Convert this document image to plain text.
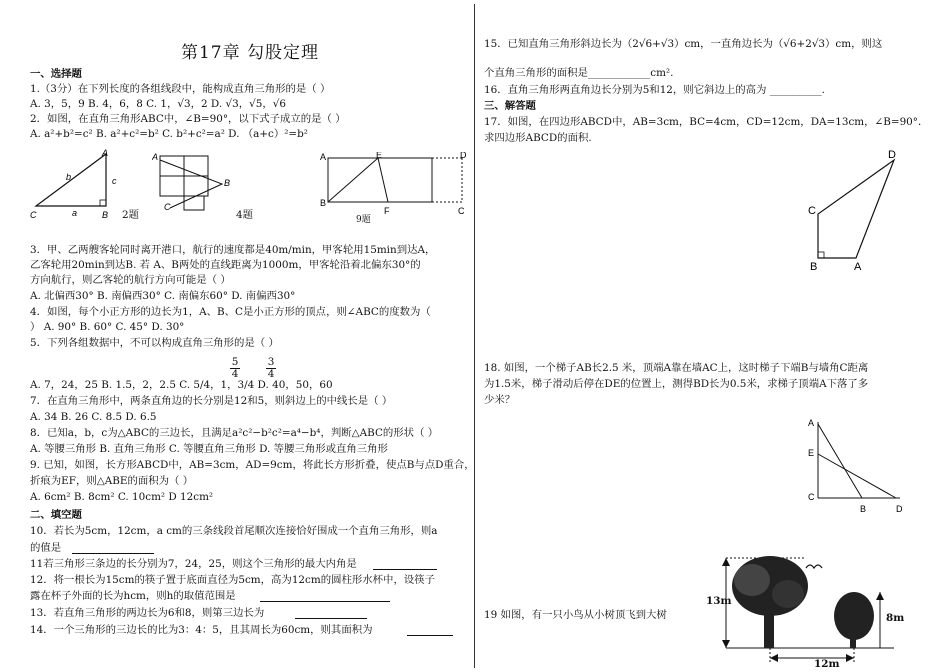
第17章 勾股定理
一、选择题
1.（3分）在下列长度的各组线段中，能构成直角三角形的是（ ）
A. 3，5，9 B. 4，6，8 C. 1，√3，2 D. √3，√5，√6
2．如图，在直角三角形ABC中，∠B=90°，以下式子成立的是（ ）
A. a²+b²=c² B. a²+c²=b² C. b²+c²=a² D. （a+c）²=b²
3．甲、乙两艘客轮同时离开港口，航行的速度都是40m/min，甲客轮用15min到达A，
乙客轮用20min到达B. 若 A、B两处的直线距离为1000m，甲客轮沿着北偏东30°的
方向航行，则乙客轮的航行方向可能是（ ）
A. 北偏西30° B. 南偏西30° C. 南偏东60° D. 南偏西30°
4．如图，每个小正方形的边长为1，A、B、C是小正方形的顶点，则∠ABC的度数为（
） A. 90° B. 60° C. 45° D. 30°
5．下列各组数据中，不可以构成直角三角形的是（ ）
A. 7，24，25 B. 1.5，2，2.5 C. 5/4，1，3/4 D. 40，50，60
7．在直角三角形中，两条直角边的长分别是12和5，则斜边上的中线长是（ ）
A. 34 B. 26 C. 8.5 D. 6.5
8．已知a，b，c为△ABC的三边长，且满足a²c²−b²c²=a⁴−b⁴，判断△ABC的形状（ ）
A. 等腰三角形 B. 直角三角形 C. 等腰直角三角形 D. 等腰三角形或直角三角形
9. 已知，如图，长方形ABCD中，AB=3cm，AD=9cm，将此长方形折叠，使点B与点D重合，
折痕为EF，则△ABE的面积为（ ）
A. 6cm² B. 8cm² C. 10cm² D 12cm²
二、填空题
10．若长为5cm，12cm，a cm的三条线段首尾顺次连接恰好围成一个直角三角形，则a
的值是
11若三角形三条边的长分别为7，24，25，则这个三角形的最大内角是
12．将一根长为15cm的筷子置于底面直径为5cm，高为12cm的圆柱形水杯中，设筷子
露在杯子外面的长为hcm，则h的取值范围是
13．若直角三角形的两边长为6和8，则第三边长为
14．一个三角形的三边长的比为3：4：5，且其周长为60cm，则其面积为
$\frac{5}{4}$	$\frac{3}{4}$
A
C	B
b	c
a	2题
A
B
C
4题
A	E	D
B
F	C
9题
15．已知直角三角形斜边长为（2√6+√3）cm，一直角边长为（√6+2√3）cm，则这
个直角三角形的面积是____________cm².
16．直角三角形两直角边长分别为5和12，则它斜边上的高为 __________.
三、解答题
17．如图，在四边形ABCD中，AB=3cm，BC=4cm，CD=12cm，DA=13cm，∠B=90°．
求四边形ABCD的面积.
18. 如图，一个梯子AB长2.5 米，顶端A靠在墙AC上，这时梯子下端B与墙角C距离
为1.5米，梯子滑动后停在DE的位置上，测得BD长为0.5米，求梯子顶端A下落了多
少米？
19 如图，有一只小鸟从小树顶飞到大树
D
C
B	A
A
E
C
B	D
13m
8m
12m
